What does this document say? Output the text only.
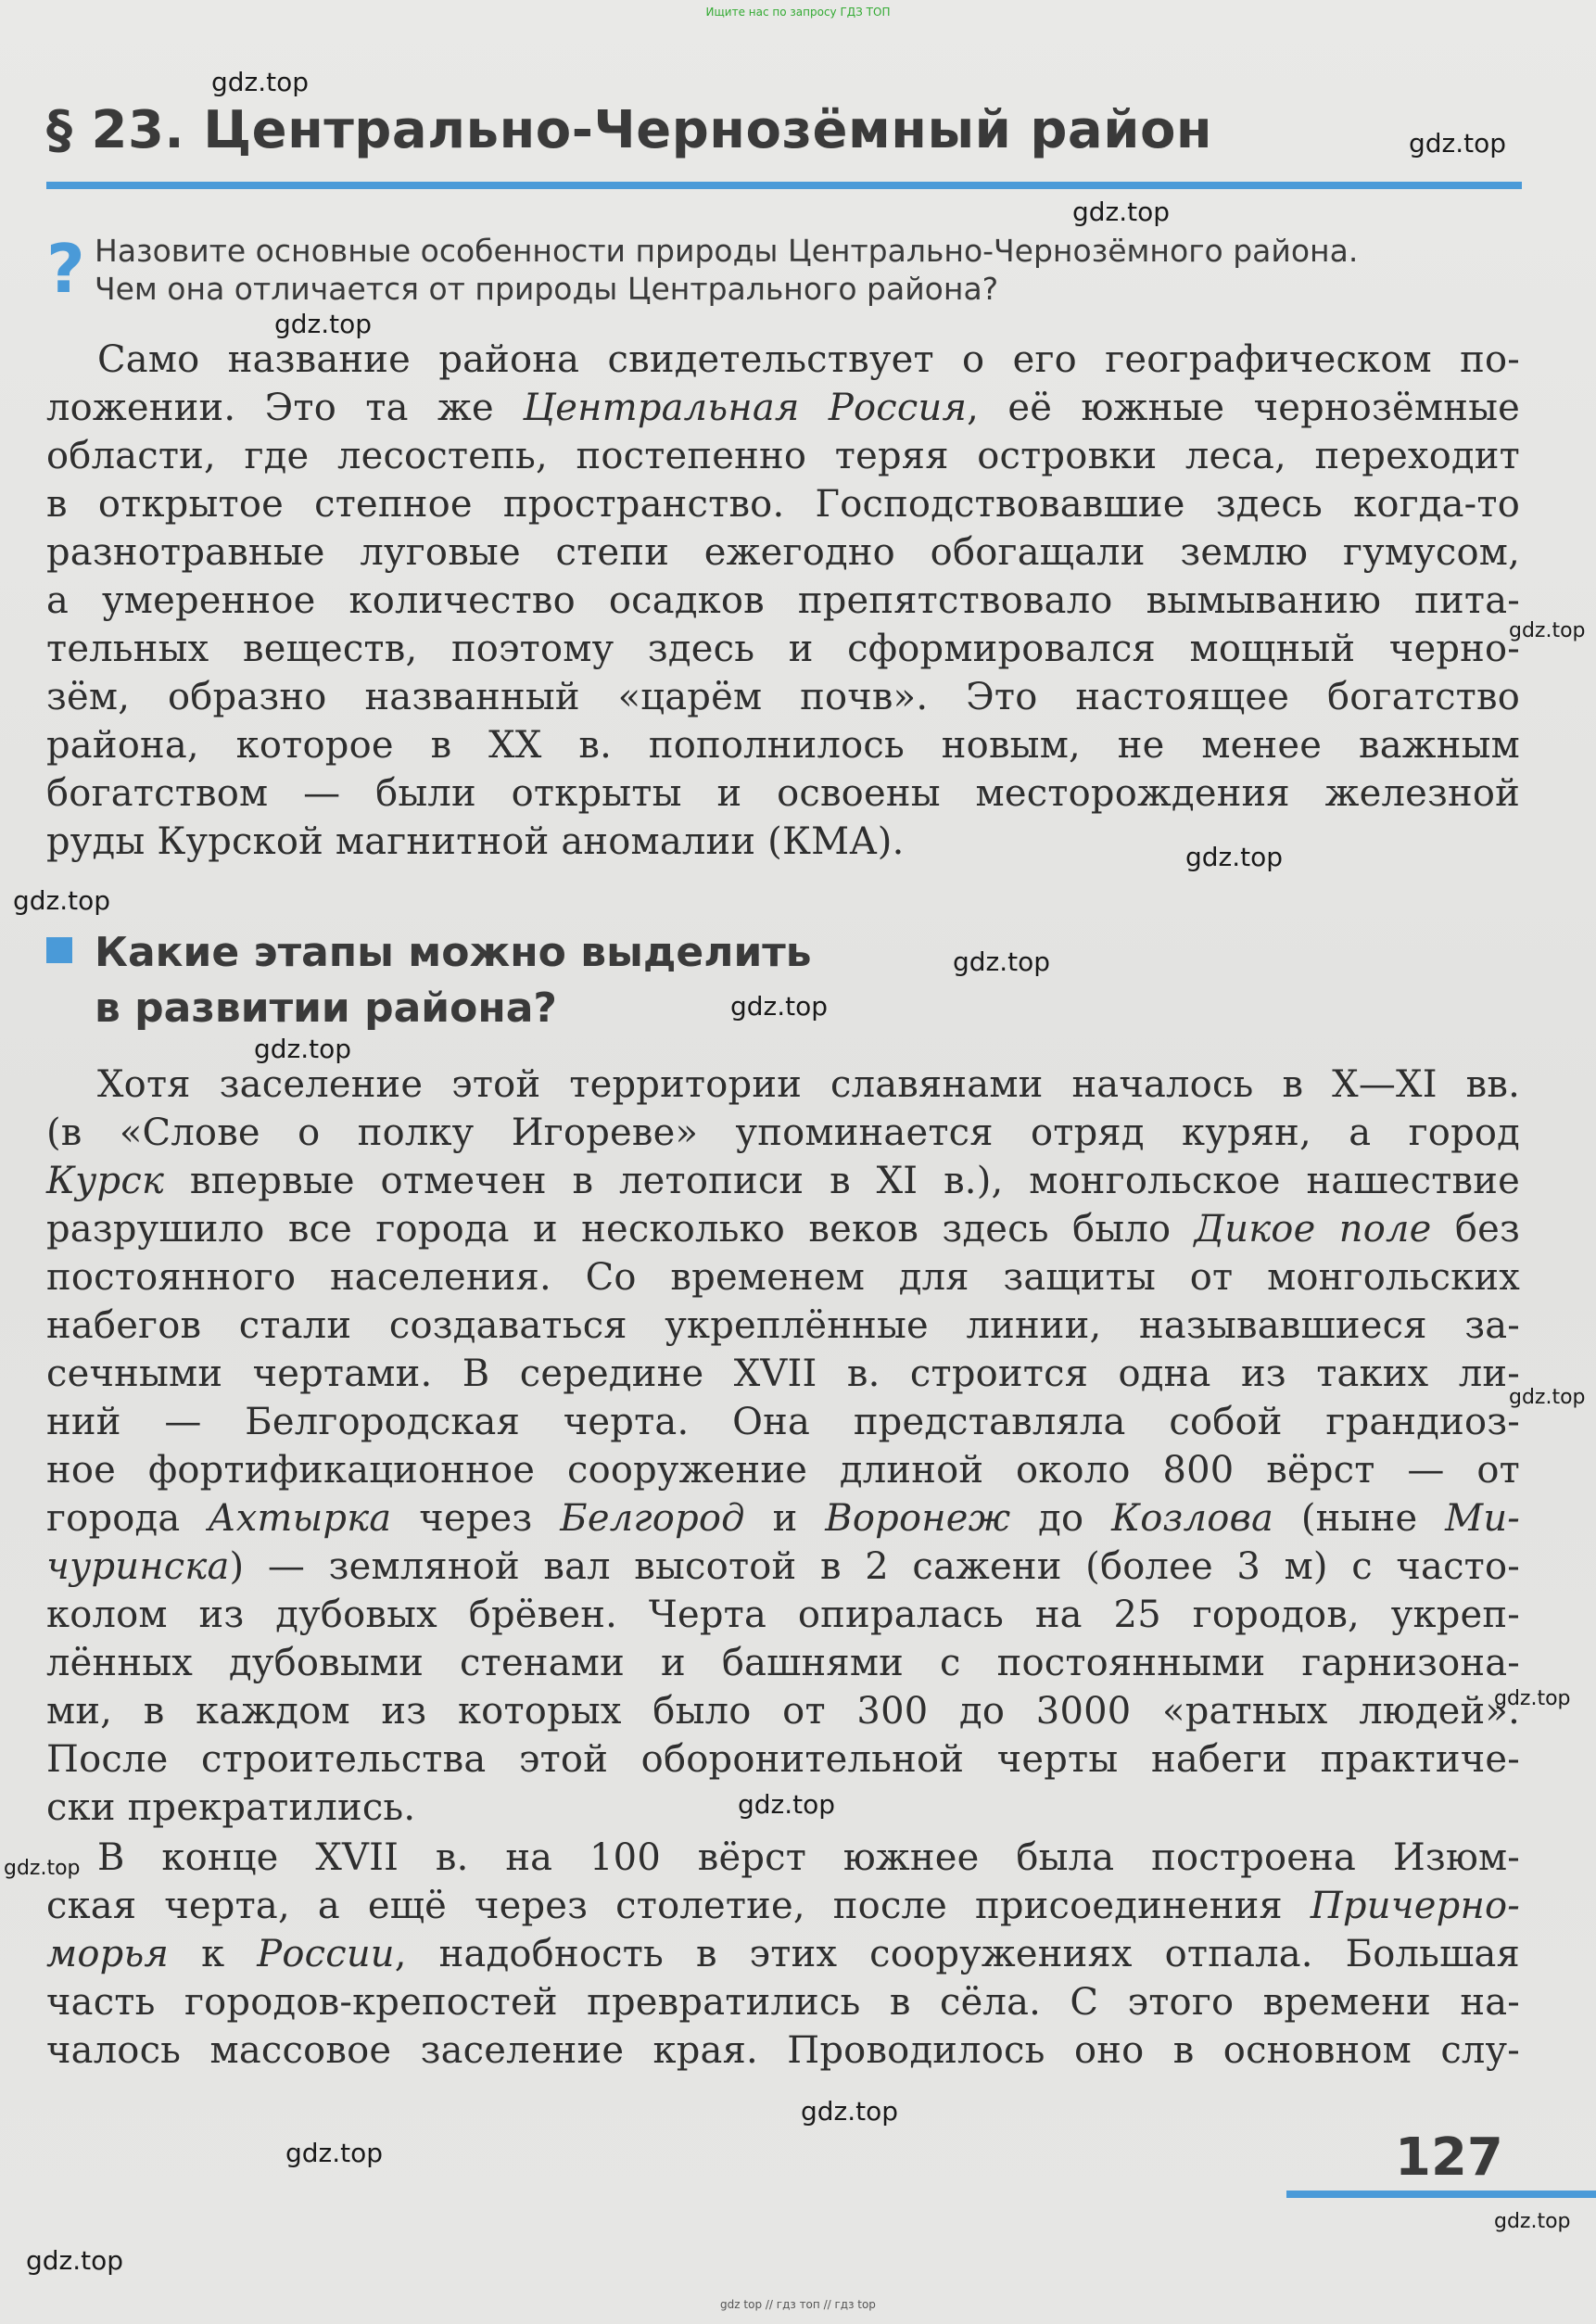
Ищите нас по запросу ГДЗ ТОП
§ 23. Центрально-Чернозёмный район
? Назовите основные особенности природы Центрально-Чернозёмного района.
Чем она отличается от природы Центрального района?
Само название района свидетельствует о его географическом по-
ложении. Это та же Центральная Россия, её южные чернозёмные
области, где лесостепь, постепенно теряя островки леса, переходит
в открытое степное пространство. Господствовавшие здесь когда-то
разнотравные луговые степи ежегодно обогащали землю гумусом,
а умеренное количество осадков препятствовало вымыванию пита-
тельных веществ, поэтому здесь и сформировался мощный черно-
зём, образно названный «царём почв». Это настоящее богатство
района, которое в XX в. пополнилось новым, не менее важным
богатством — были открыты и освоены месторождения железной
руды Курской магнитной аномалии (КМА).
Какие этапы можно выделить
в развитии района?
Хотя заселение этой территории славянами началось в X—XI вв.
(в «Слове о полку Игореве» упоминается отряд курян, а город
Курск впервые отмечен в летописи в XI в.), монгольское нашествие
разрушило все города и несколько веков здесь было Дикое поле без
постоянного населения. Со временем для защиты от монгольских
набегов стали создаваться укреплённые линии, называвшиеся за-
сечными чертами. В середине XVII в. строится одна из таких ли-
ний — Белгородская черта. Она представляла собой грандиоз-
ное фортификационное сооружение длиной около 800 вёрст — от
города Ахтырка через Белгород и Воронеж до Козлова (ныне Ми-
чуринска) — земляной вал высотой в 2 сажени (более 3 м) с часто-
колом из дубовых брёвен. Черта опиралась на 25 городов, укреп-
лённых дубовыми стенами и башнями с постоянными гарнизона-
ми, в каждом из которых было от 300 до 3000 «ратных людей».
После строительства этой оборонительной черты набеги практиче-
ски прекратились.
В конце XVII в. на 100 вёрст южнее была построена Изюм-
ская черта, а ещё через столетие, после присоединения Причерно-
морья к России, надобность в этих сооружениях отпала. Большая
часть городов-крепостей превратились в сёла. С этого времени на-
чалось массовое заселение края. Проводилось оно в основном слу-
127
gdz.top
gdz.top
gdz.top
gdz.top
gdz.top
gdz.top
gdz.top
gdz.top
gdz.top
gdz.top
gdz.top
gdz.top
gdz.top
gdz.top
gdz.top
gdz.top
gdz.top
gdz.top
gdz top // гдз топ // гдз top
